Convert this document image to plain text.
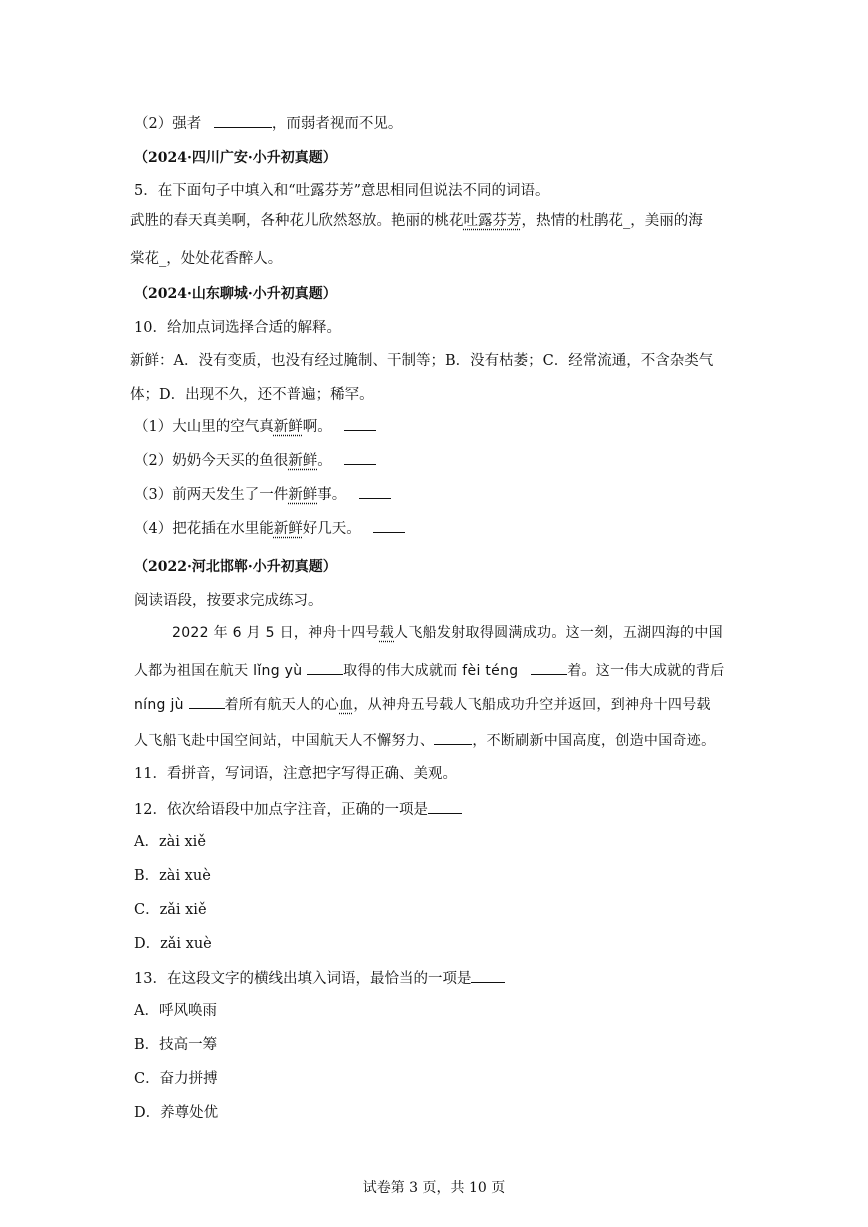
（2）强者	，而弱者视而不见。
（2024·四川广安·小升初真题）
5．在下面句子中填入和“吐露芬芳”意思相同但说法不同的词语。
武胜的春天真美啊，各种花儿欣然怒放。艳丽的桃花吐露芬芳，热情的杜鹃花_，美丽的海
棠花_，处处花香醉人。
（2024·山东聊城·小升初真题）
10．给加点词选择合适的解释。
新鲜：A．没有变质，也没有经过腌制、干制等；B．没有枯萎；C．经常流通，不含杂类气
体；D．出现不久，还不普遍；稀罕。
（1）大山里的空气真新鲜啊。
（2）奶奶今天买的鱼很新鲜。
（3）前两天发生了一件新鲜事。
（4）把花插在水里能新鲜好几天。
（2022·河北邯郸·小升初真题）
阅读语段，按要求完成练习。
2022 年 6 月 5 日，神舟十四号载人飞船发射取得圆满成功。这一刻，五湖四海的中国
人都为祖国在航天 lǐng yù	取得的伟大成就而 fèi téng	着。这一伟大成就的背后
níng jù	着所有航天人的心血，从神舟五号载人飞船成功升空并返回，到神舟十四号载
人飞船飞赴中国空间站，中国航天人不懈努力、	，不断刷新中国高度，创造中国奇迹。
11．看拼音，写词语，注意把字写得正确、美观。
12．依次给语段中加点字注音，正确的一项是
A．zài xiě
B．zài xuè
C．zǎi xiě
D．zǎi xuè
13．在这段文字的横线出填入词语，最恰当的一项是
A．呼风唤雨
B．技高一筹
C．奋力拼搏
D．养尊处优
试卷第 3 页，共 10 页
